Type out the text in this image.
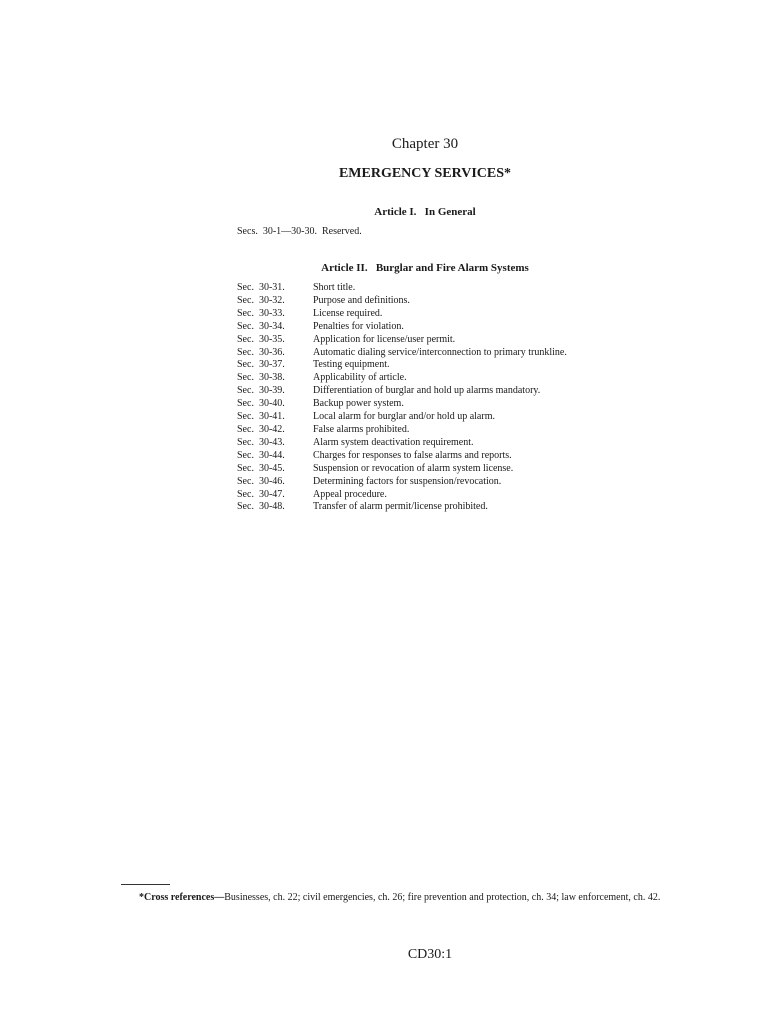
Chapter 30
EMERGENCY SERVICES*
Article I.   In General
Secs.  30-1—30-30.  Reserved.
Article II.   Burglar and Fire Alarm Systems
Sec.  30-31.	Short title.
Sec.  30-32.	Purpose and definitions.
Sec.  30-33.	License required.
Sec.  30-34.	Penalties for violation.
Sec.  30-35.	Application for license/user permit.
Sec.  30-36.	Automatic dialing service/interconnection to primary trunkline.
Sec.  30-37.	Testing equipment.
Sec.  30-38.	Applicability of article.
Sec.  30-39.	Differentiation of burglar and hold up alarms mandatory.
Sec.  30-40.	Backup power system.
Sec.  30-41.	Local alarm for burglar and/or hold up alarm.
Sec.  30-42.	False alarms prohibited.
Sec.  30-43.	Alarm system deactivation requirement.
Sec.  30-44.	Charges for responses to false alarms and reports.
Sec.  30-45.	Suspension or revocation of alarm system license.
Sec.  30-46.	Determining factors for suspension/revocation.
Sec.  30-47.	Appeal procedure.
Sec.  30-48.	Transfer of alarm permit/license prohibited.
*Cross references—Businesses, ch. 22; civil emergencies, ch. 26; fire prevention and protection, ch. 34; law enforcement, ch. 42.
CD30:1
